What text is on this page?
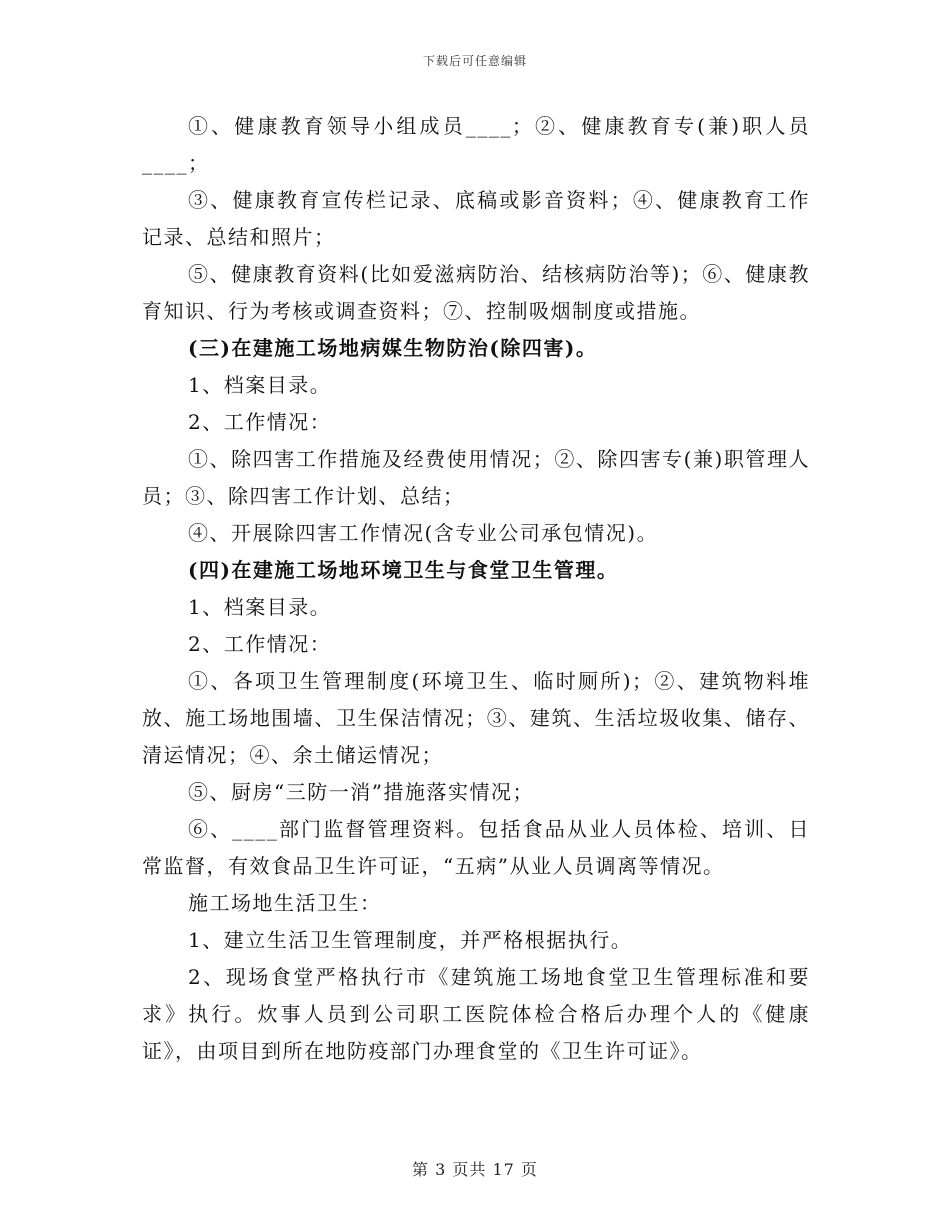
下载后可任意编辑

①、健康教育领导小组成员____；②、健康教育专(兼)职人员____；

③、健康教育宣传栏记录、底稿或影音资料；④、健康教育工作记录、总结和照片；

⑤、健康教育资料(比如爱滋病防治、结核病防治等)；⑥、健康教育知识、行为考核或调查资料；⑦、控制吸烟制度或措施。

(三)在建施工场地病媒生物防治(除四害)。

1、档案目录。

2、工作情况：

①、除四害工作措施及经费使用情况；②、除四害专(兼)职管理人员；③、除四害工作计划、总结；

④、开展除四害工作情况(含专业公司承包情况)。

(四)在建施工场地环境卫生与食堂卫生管理。

1、档案目录。

2、工作情况：

①、各项卫生管理制度(环境卫生、临时厕所)；②、建筑物料堆放、施工场地围墙、卫生保洁情况；③、建筑、生活垃圾收集、储存、清运情况；④、余土储运情况；

⑤、厨房“三防一消”措施落实情况；

⑥、____部门监督管理资料。包括食品从业人员体检、培训、日常监督，有效食品卫生许可证，“五病”从业人员调离等情况。

施工场地生活卫生：

1、建立生活卫生管理制度，并严格根据执行。

2、现场食堂严格执行市《建筑施工场地食堂卫生管理标准和要求》执行。炊事人员到公司职工医院体检合格后办理个人的《健康证》，由项目到所在地防疫部门办理食堂的《卫生许可证》。

第 3 页共 17 页
